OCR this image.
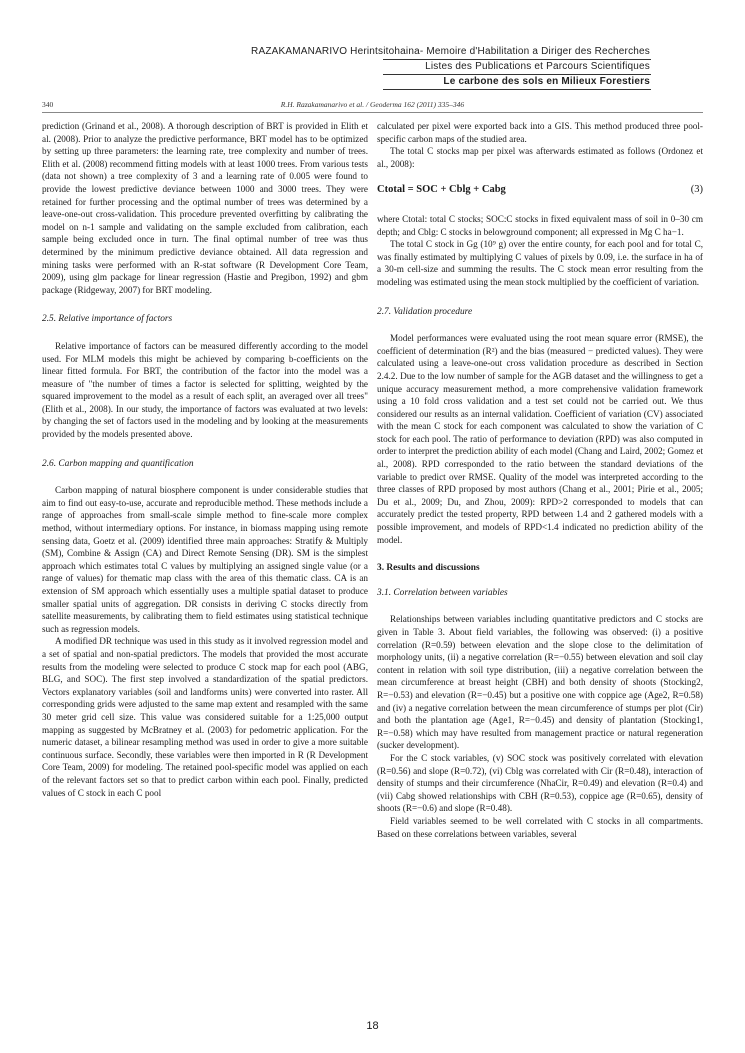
RAZAKAMANARIVO Herintsitohaina- Memoire d'Habilitation a Diriger des Recherches
Listes des Publications et Parcours Scientifiques
Le carbone des sols en Milieux Forestiers
340	R.H. Razakamanarivo et al. / Geoderma 162 (2011) 335–346

prediction (Grinand et al., 2008). A thorough description of BRT is provided in Elith et al. (2008). Prior to analyze the predictive performance, BRT model has to be optimized by setting up three parameters: the learning rate, tree complexity and number of trees. Elith et al. (2008) recommend fitting models with at least 1000 trees. From various tests (data not shown) a tree complexity of 3 and a learning rate of 0.005 were found to provide the lowest predictive deviance between 1000 and 3000 trees. They were retained for further processing and the optimal number of trees was determined by a leave-one-out cross-validation. This procedure prevented overfitting by calibrating the model on n-1 sample and validating on the sample excluded from calibration, each sample being excluded once in turn. The final optimal number of tree was thus determined by the minimum predictive deviance obtained. All data regression and mining tasks were performed with an R-stat software (R Development Core Team, 2009), using glm package for linear regression (Hastie and Pregibon, 1992) and gbm package (Ridgeway, 2007) for BRT modeling.

2.5. Relative importance of factors

Relative importance of factors can be measured differently according to the model used. For MLM models this might be achieved by comparing b-coefficients on the linear fitted formula. For BRT, the contribution of the factor into the model was a measure of "the number of times a factor is selected for splitting, weighted by the squared improvement to the model as a result of each split, an averaged over all trees" (Elith et al., 2008). In our study, the importance of factors was evaluated at two levels: by changing the set of factors used in the modeling and by looking at the measurements provided by the models presented above.

2.6. Carbon mapping and quantification

Carbon mapping of natural biosphere component is under considerable studies that aim to find out easy-to-use, accurate and reproducible method. These methods include a range of approaches from small-scale simple method to fine-scale more complex method, without intermediary options. For instance, in biomass mapping using remote sensing data, Goetz et al. (2009) identified three main approaches: Stratify & Multiply (SM), Combine & Assign (CA) and Direct Remote Sensing (DR). SM is the simplest approach which estimates total C values by multiplying an assigned single value (or a range of values) for thematic map class with the area of this thematic class. CA is an extension of SM approach which essentially uses a multiple spatial dataset to produce smaller spatial units of aggregation. DR consists in deriving C stocks directly from satellite measurements, by calibrating them to field estimates using statistical technique such as regression models.

A modified DR technique was used in this study as it involved regression model and a set of spatial and non-spatial predictors. The models that provided the most accurate results from the modeling were selected to produce C stock map for each pool (ABG, BLG, and SOC). The first step involved a standardization of the spatial predictors. Vectors explanatory variables (soil and landforms units) were converted into raster. All corresponding grids were adjusted to the same map extent and resampled with the same 30 meter grid cell size. This value was considered suitable for a 1:25,000 output mapping as suggested by McBratney et al. (2003) for pedometric application. For the numeric dataset, a bilinear resampling method was used in order to give a more suitable continuous surface. Secondly, these variables were then imported in R (R Development Core Team, 2009) for modeling. The retained pool-specific model was applied on each of the relevant factors set so that to predict carbon within each pool. Finally, predicted values of C stock in each C pool

calculated per pixel were exported back into a GIS. This method produced three pool-specific carbon maps of the studied area.

The total C stocks map per pixel was afterwards estimated as follows (Ordonez et al., 2008):

Ctotal = SOC + Cblg + Cabg	(3)

where Ctotal: total C stocks; SOC:C stocks in fixed equivalent mass of soil in 0–30 cm depth; and Cblg: C stocks in belowground component; all expressed in Mg C ha−1.

The total C stock in Gg (10⁹ g) over the entire county, for each pool and for total C, was finally estimated by multiplying C values of pixels by 0.09, i.e. the surface in ha of a 30-m cell-size and summing the results. The C stock mean error resulting from the modeling was estimated using the mean stock multiplied by the coefficient of variation.

2.7. Validation procedure

Model performances were evaluated using the root mean square error (RMSE), the coefficient of determination (R²) and the bias (measured − predicted values). They were calculated using a leave-one-out cross validation procedure as described in Section 2.4.2. Due to the low number of sample for the AGB dataset and the willingness to get a unique accuracy measurement method, a more comprehensive validation framework using a 10 fold cross validation and a test set could not be carried out. We thus considered our results as an internal validation. Coefficient of variation (CV) associated with the mean C stock for each component was calculated to show the variation of C stock for each pool. The ratio of performance to deviation (RPD) was also computed in order to interpret the prediction ability of each model (Chang and Laird, 2002; Gomez et al., 2008). RPD corresponded to the ratio between the standard deviations of the variable to predict over RMSE. Quality of the model was interpreted according to the three classes of RPD proposed by most authors (Chang et al., 2001; Pirie et al., 2005; Du et al., 2009; Du, and Zhou, 2009): RPD>2 corresponded to models that can accurately predict the tested property, RPD between 1.4 and 2 gathered models with a possible improvement, and models of RPD<1.4 indicated no prediction ability of the model.

3. Results and discussions
3.1. Correlation between variables

Relationships between variables including quantitative predictors and C stocks are given in Table 3. About field variables, the following was observed: (i) a positive correlation (R=0.59) between elevation and the slope close to the delimitation of morphology units, (ii) a negative correlation (R=−0.55) between elevation and soil clay content in relation with soil type distribution, (iii) a negative correlation between the mean circumference at breast height (CBH) and both density of shoots (Stocking2, R=−0.53) and elevation (R=−0.45) but a positive one with coppice age (Age2, R=0.58) and (iv) a negative correlation between the mean circumference of stumps per plot (Cir) and both the plantation age (Age1, R=−0.45) and density of plantation (Stocking1, R=−0.58) which may have resulted from management practice or natural regeneration (sucker development).

For the C stock variables, (v) SOC stock was positively correlated with elevation (R=0.56) and slope (R=0.72), (vi) Cblg was correlated with Cir (R=0.48), interaction of density of stumps and their circumference (NhaCir, R=0.49) and elevation (R=0.4) and (vii) Cabg showed relationships with CBH (R=0.53), coppice age (R=0.65), density of shoots (R=−0.6) and slope (R=0.48).

Field variables seemed to be well correlated with C stocks in all compartments. Based on these correlations between variables, several

18
